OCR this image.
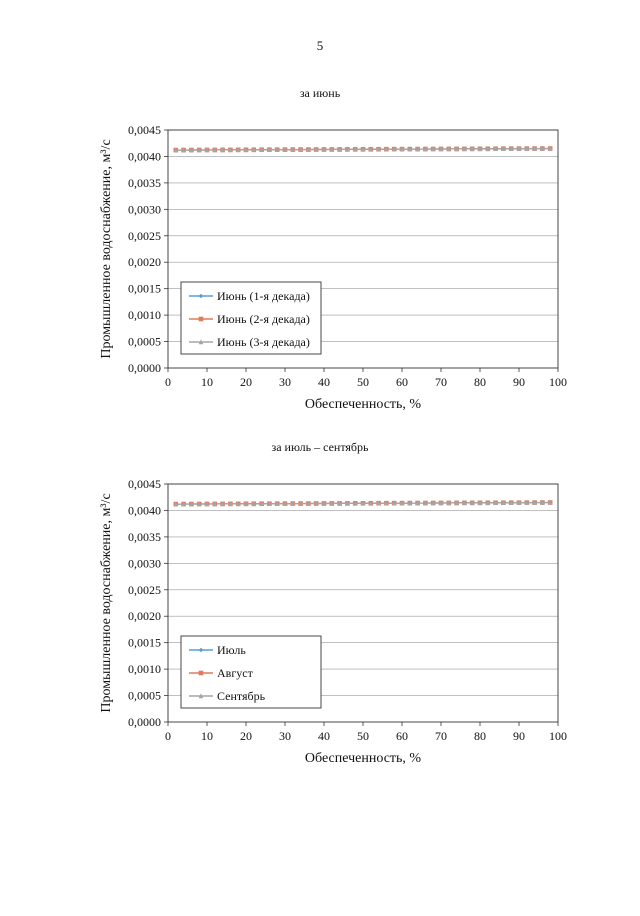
5
за июнь
0,0000
0,0005
0,0010
0,0015
0,0020
0,0025
0,0030
0,0035
0,0040
0,0045
0	10 20 30 40 50 60 70 80 90 100
Обеспеченность, %
Промышленное водоснабжение, м³/с	Июнь (1-я декада)
Июнь (2-я декада)
Июнь (3-я декада)
за июль – сентябрь
0,0000
0,0005
0,0010
0,0015
0,0020
0,0025
0,0030
0,0035
0,0040
0,0045
0	10 20 30 40 50 60 70 80 90 100
Обеспеченность, %
Промышленное водоснабжение, м³/с	Июль
Август
Сентябрь
